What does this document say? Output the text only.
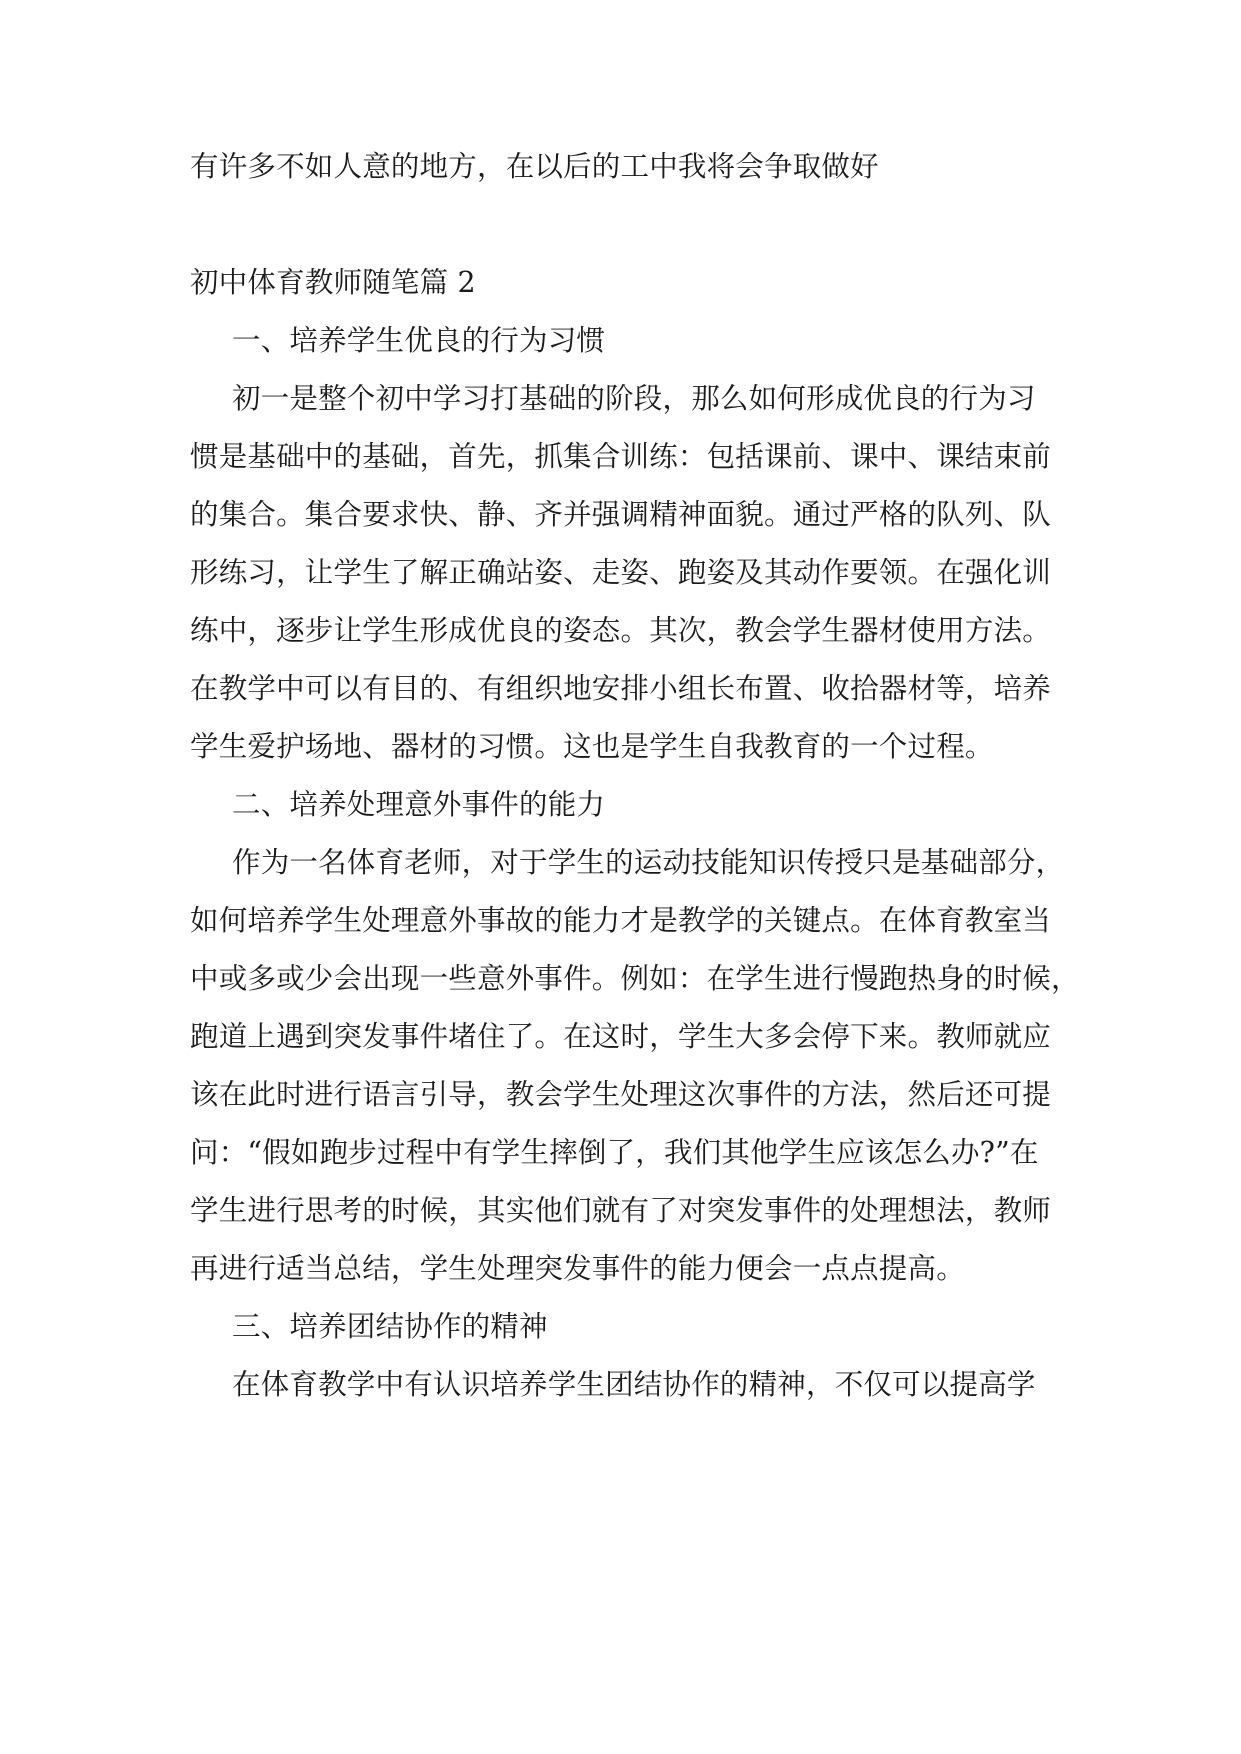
有许多不如人意的地方，在以后的工中我将会争取做好

初中体育教师随笔篇 2

一、培养学生优良的行为习惯

初一是整个初中学习打基础的阶段，那么如何形成优良的行为习

惯是基础中的基础，首先，抓集合训练：包括课前、课中、课结束前

的集合。集合要求快、静、齐并强调精神面貌。通过严格的队列、队

形练习，让学生了解正确站姿、走姿、跑姿及其动作要领。在强化训

练中，逐步让学生形成优良的姿态。其次，教会学生器材使用方法。

在教学中可以有目的、有组织地安排小组长布置、收拾器材等，培养

学生爱护场地、器材的习惯。这也是学生自我教育的一个过程。

二、培养处理意外事件的能力

作为一名体育老师，对于学生的运动技能知识传授只是基础部分，

如何培养学生处理意外事故的能力才是教学的关键点。在体育教室当

中或多或少会出现一些意外事件。例如：在学生进行慢跑热身的时候，

跑道上遇到突发事件堵住了。在这时，学生大多会停下来。教师就应

该在此时进行语言引导，教会学生处理这次事件的方法，然后还可提

问：“假如跑步过程中有学生摔倒了，我们其他学生应该怎么办?”在

学生进行思考的时候，其实他们就有了对突发事件的处理想法，教师

再进行适当总结，学生处理突发事件的能力便会一点点提高。

三、培养团结协作的精神

在体育教学中有认识培养学生团结协作的精神，不仅可以提高学
